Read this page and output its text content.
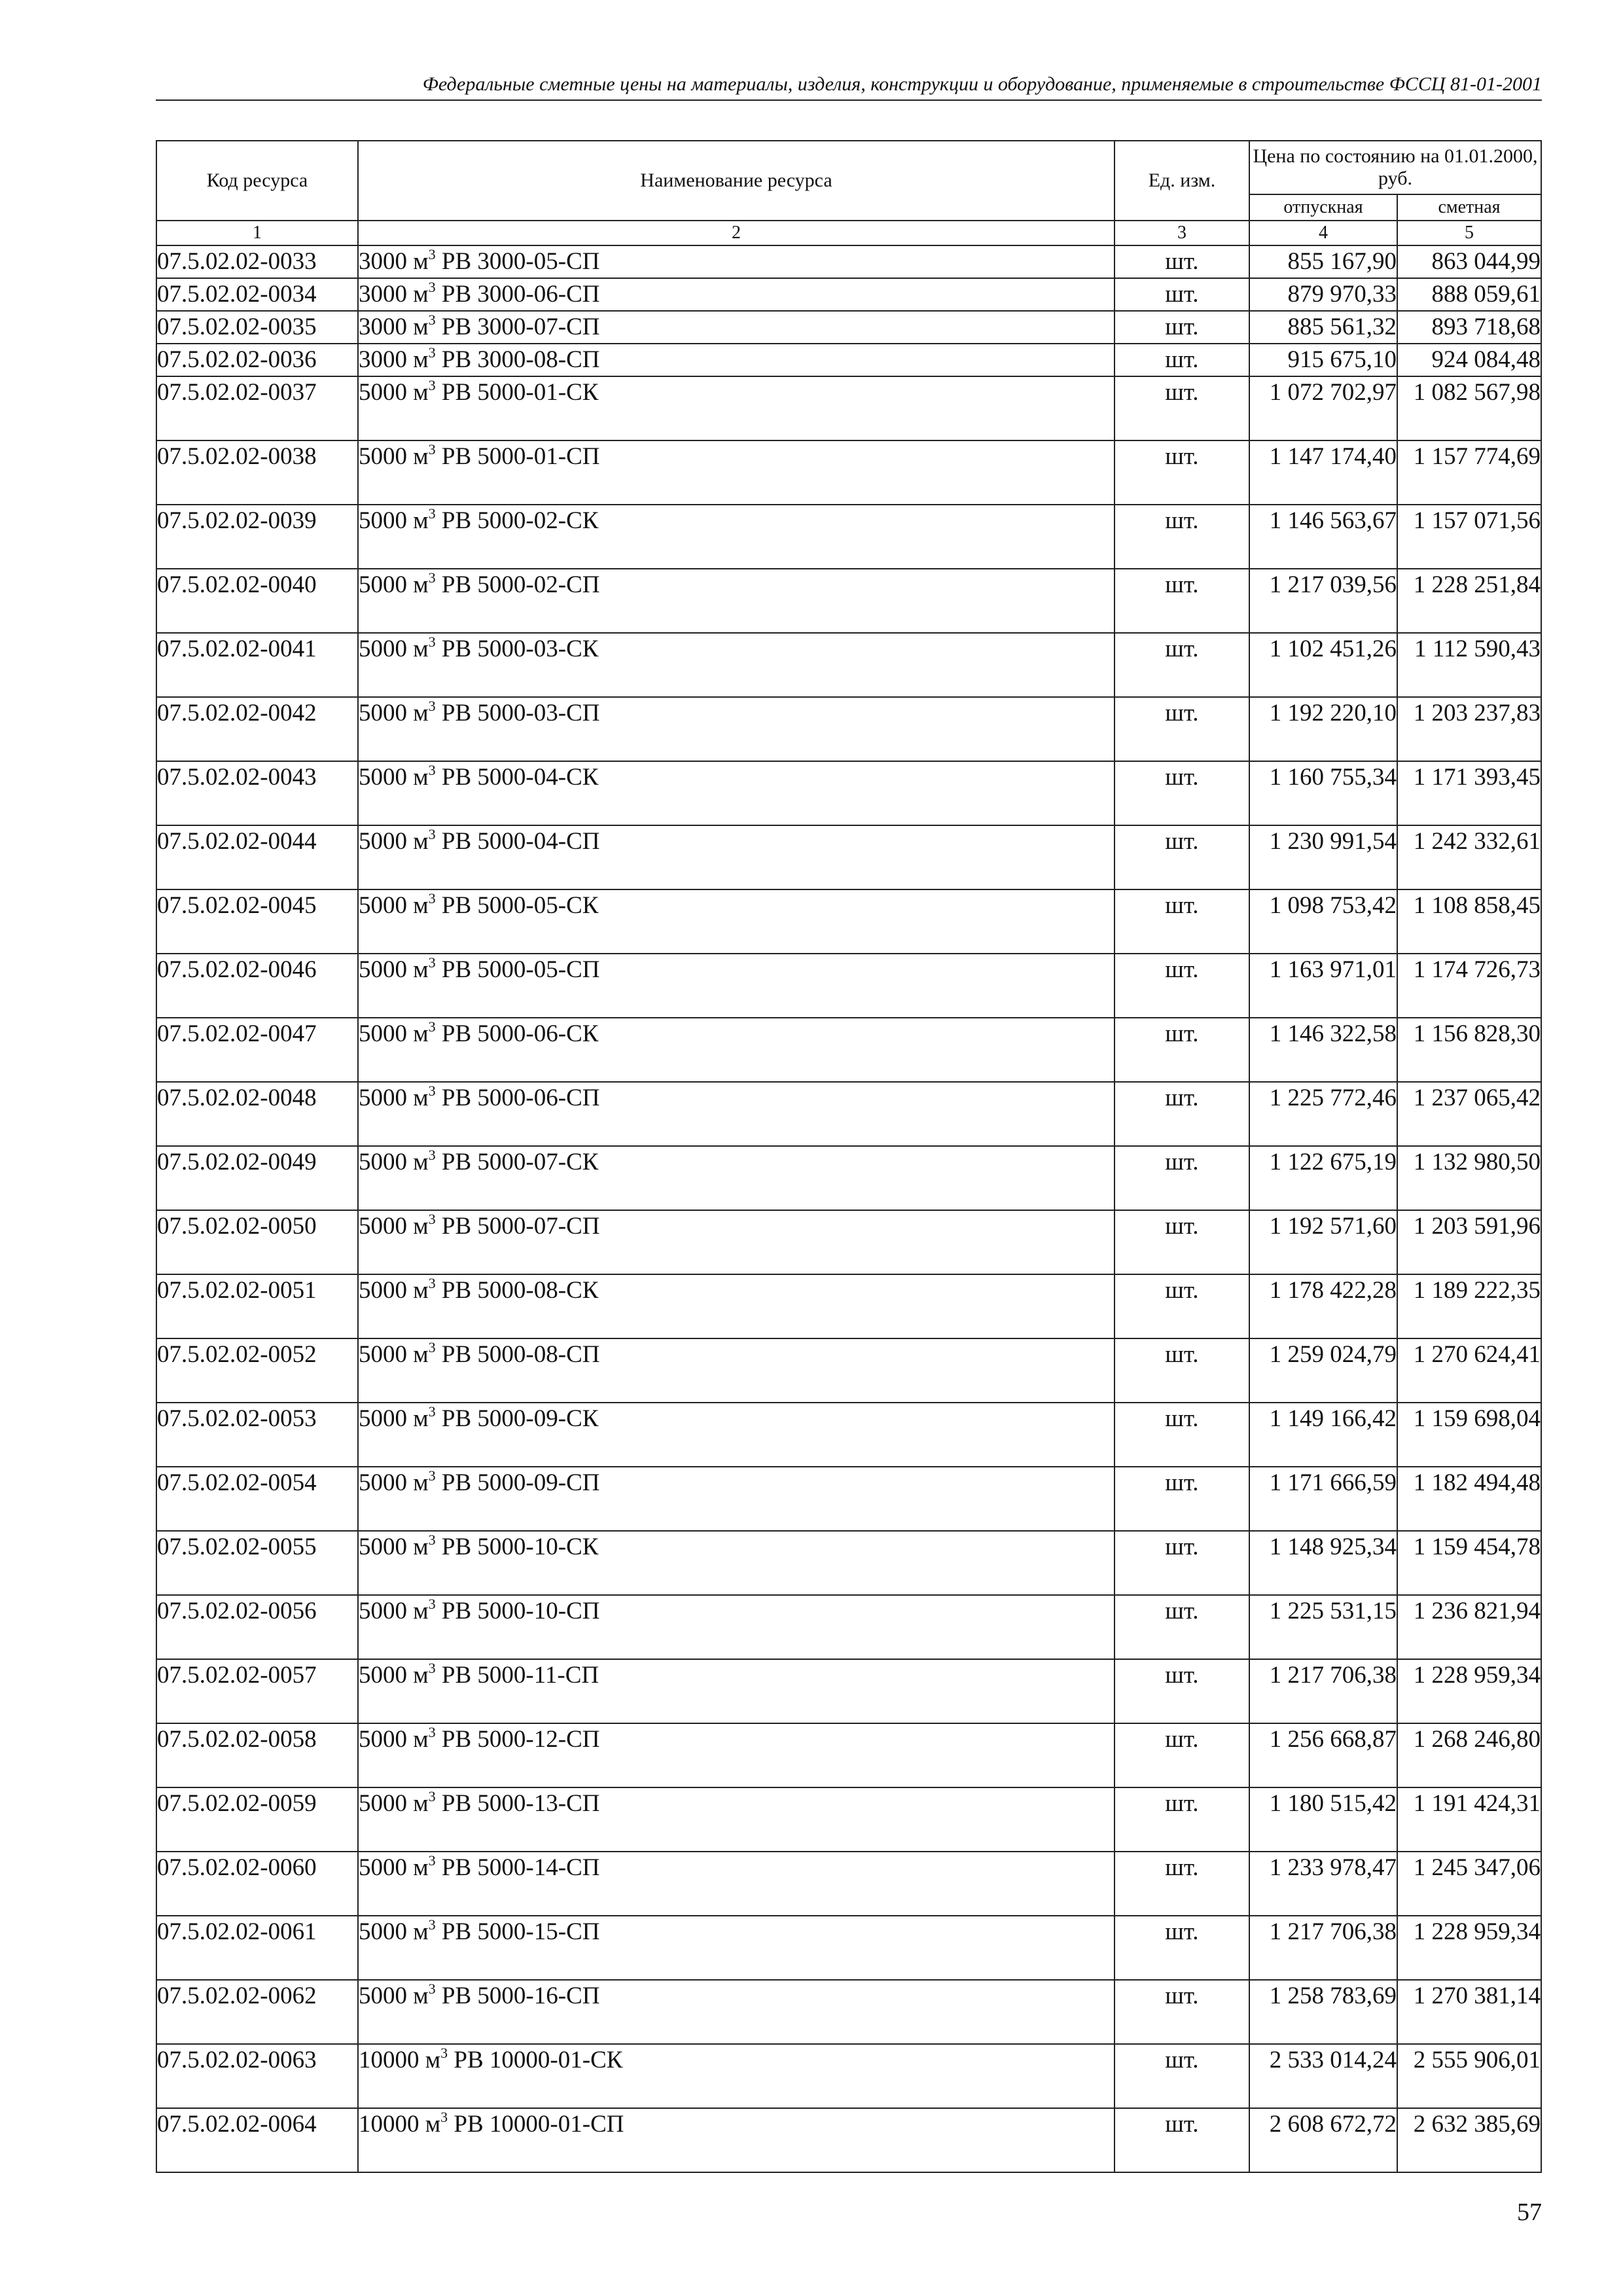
Федеральные сметные цены на материалы, изделия, конструкции и оборудование, применяемые в строительстве ФССЦ 81-01-2001
Код ресурса	Наименование ресурса	Ед. изм.	Цена по состоянию на 01.01.2000, руб.	
			отпускная	сметная
1	2	3	4	5
07.5.02.02-0033	3000 $м^3$ РВ 3000-05-СП	шт.	855 167,90	863 044,99

07.5.02.02-0034	3000 $м^3$ РВ 3000-06-СП	шт.	879 970,33	888 059,61

07.5.02.02-0035	3000 $м^3$ РВ 3000-07-СП	шт.	885 561,32	893 718,68

07.5.02.02-0036	3000 $м^3$ РВ 3000-08-СП	шт.	915 675,10	924 084,48

07.5.02.02-0037	5000 $м^3$ РВ 5000-01-СК	шт.	1 072 702,97	1 082 567,98

07.5.02.02-0038	5000 $м^3$ РВ 5000-01-СП	шт.	1 147 174,40	1 157 774,69

07.5.02.02-0039	5000 $м^3$ РВ 5000-02-СК	шт.	1 146 563,67	1 157 071,56

07.5.02.02-0040	5000 $м^3$ РВ 5000-02-СП	шт.	1 217 039,56	1 228 251,84

07.5.02.02-0041	5000 $м^3$ РВ 5000-03-СК	шт.	1 102 451,26	1 112 590,43

07.5.02.02-0042	5000 $м^3$ РВ 5000-03-СП	шт.	1 192 220,10	1 203 237,83

07.5.02.02-0043	5000 $м^3$ РВ 5000-04-СК	шт.	1 160 755,34	1 171 393,45

07.5.02.02-0044	5000 $м^3$ РВ 5000-04-СП	шт.	1 230 991,54	1 242 332,61

07.5.02.02-0045	5000 $м^3$ РВ 5000-05-СК	шт.	1 098 753,42	1 108 858,45

07.5.02.02-0046	5000 $м^3$ РВ 5000-05-СП	шт.	1 163 971,01	1 174 726,73

07.5.02.02-0047	5000 $м^3$ РВ 5000-06-СК	шт.	1 146 322,58	1 156 828,30

07.5.02.02-0048	5000 $м^3$ РВ 5000-06-СП	шт.	1 225 772,46	1 237 065,42

07.5.02.02-0049	5000 $м^3$ РВ 5000-07-СК	шт.	1 122 675,19	1 132 980,50

07.5.02.02-0050	5000 $м^3$ РВ 5000-07-СП	шт.	1 192 571,60	1 203 591,96

07.5.02.02-0051	5000 $м^3$ РВ 5000-08-СК	шт.	1 178 422,28	1 189 222,35

07.5.02.02-0052	5000 $м^3$ РВ 5000-08-СП	шт.	1 259 024,79	1 270 624,41

07.5.02.02-0053	5000 $м^3$ РВ 5000-09-СК	шт.	1 149 166,42	1 159 698,04

07.5.02.02-0054	5000 $м^3$ РВ 5000-09-СП	шт.	1 171 666,59	1 182 494,48

07.5.02.02-0055	5000 $м^3$ РВ 5000-10-СК	шт.	1 148 925,34	1 159 454,78

07.5.02.02-0056	5000 $м^3$ РВ 5000-10-СП	шт.	1 225 531,15	1 236 821,94

07.5.02.02-0057	5000 $м^3$ РВ 5000-11-СП	шт.	1 217 706,38	1 228 959,34

07.5.02.02-0058	5000 $м^3$ РВ 5000-12-СП	шт.	1 256 668,87	1 268 246,80

07.5.02.02-0059	5000 $м^3$ РВ 5000-13-СП	шт.	1 180 515,42	1 191 424,31

07.5.02.02-0060	5000 $м^3$ РВ 5000-14-СП	шт.	1 233 978,47	1 245 347,06

07.5.02.02-0061	5000 $м^3$ РВ 5000-15-СП	шт.	1 217 706,38	1 228 959,34

07.5.02.02-0062	5000 $м^3$ РВ 5000-16-СП	шт.	1 258 783,69	1 270 381,14

07.5.02.02-0063	10000 $м^3$ РВ 10000-01-СК	шт.	2 533 014,24	2 555 906,01

07.5.02.02-0064	10000 $м^3$ РВ 10000-01-СП	шт.	2 608 672,72	2 632 385,69
57
